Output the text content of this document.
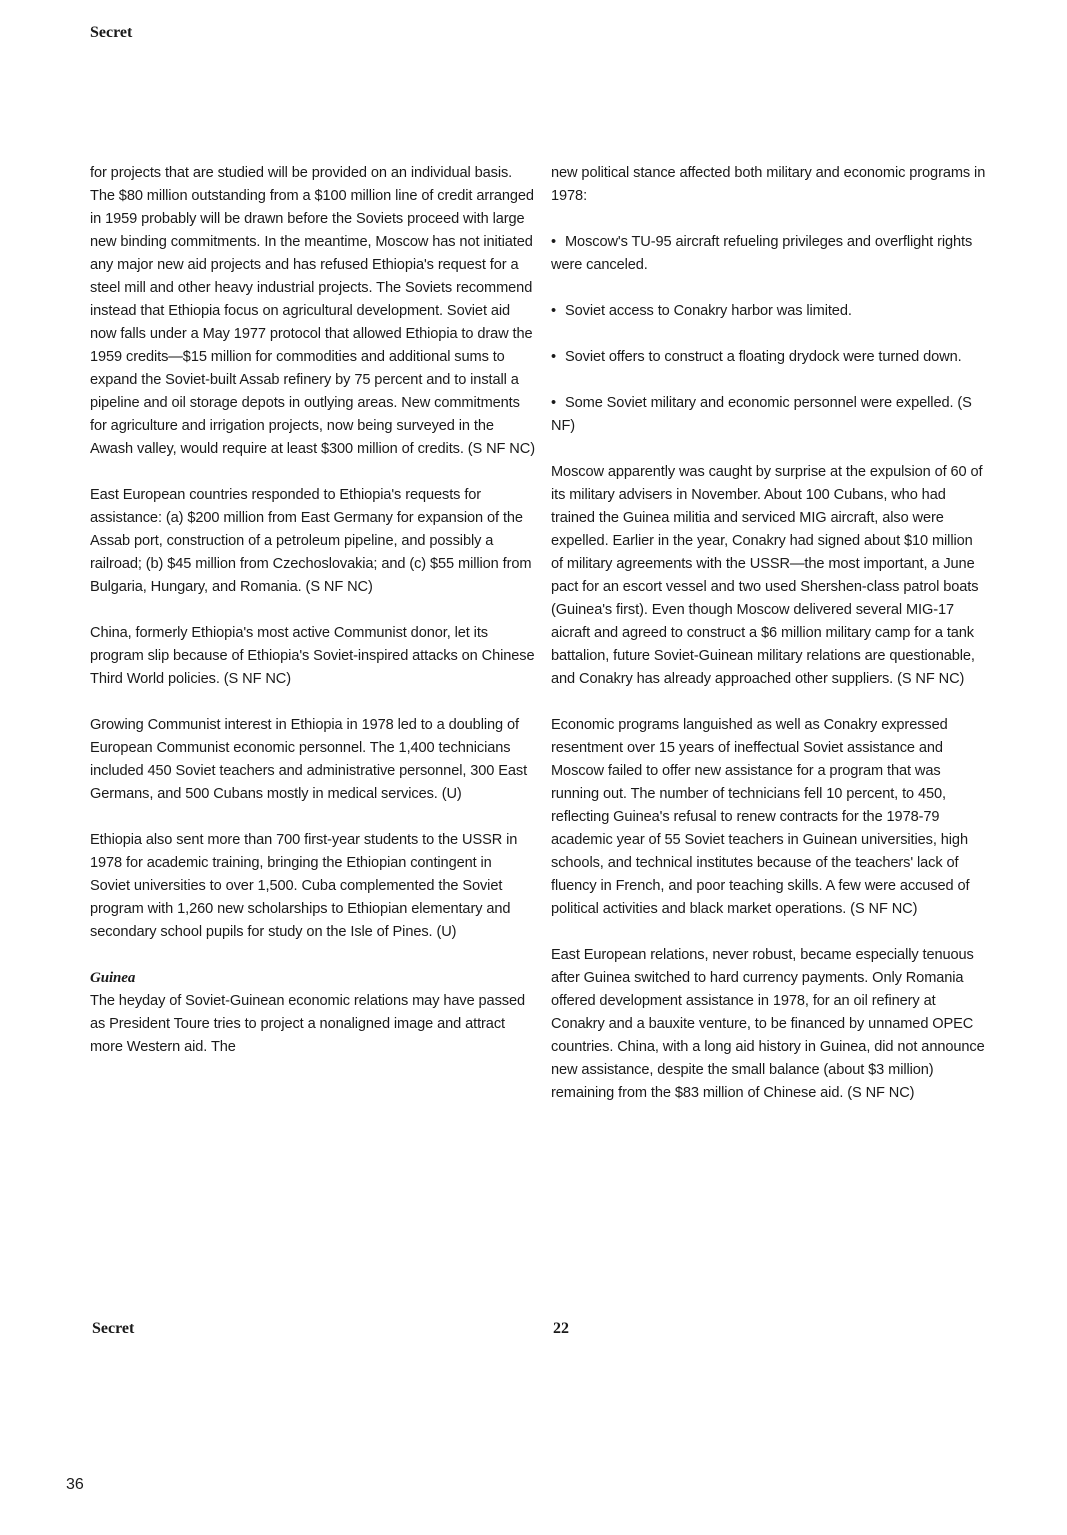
Secret

for projects that are studied will be provided on an individual basis. The $80 million outstanding from a $100 million line of credit arranged in 1959 probably will be drawn before the Soviets proceed with large new binding commitments. In the meantime, Moscow has not initiated any major new aid projects and has refused Ethiopia's request for a steel mill and other heavy industrial projects. The Soviets recommend instead that Ethiopia focus on agricultural development. Soviet aid now falls under a May 1977 protocol that allowed Ethiopia to draw the 1959 credits—$15 million for commodities and additional sums to expand the Soviet-built Assab refinery by 75 percent and to install a pipeline and oil storage depots in outlying areas. New commitments for agriculture and irrigation projects, now being surveyed in the Awash valley, would require at least $300 million of credits. (S NF NC)

East European countries responded to Ethiopia's requests for assistance: (a) $200 million from East Germany for expansion of the Assab port, construction of a petroleum pipeline, and possibly a railroad; (b) $45 million from Czechoslovakia; and (c) $55 million from Bulgaria, Hungary, and Romania. (S NF NC)

China, formerly Ethiopia's most active Communist donor, let its program slip because of Ethiopia's Soviet-inspired attacks on Chinese Third World policies. (S NF NC)

Growing Communist interest in Ethiopia in 1978 led to a doubling of European Communist economic personnel. The 1,400 technicians included 450 Soviet teachers and administrative personnel, 300 East Germans, and 500 Cubans mostly in medical services. (U)

Ethiopia also sent more than 700 first-year students to the USSR in 1978 for academic training, bringing the Ethiopian contingent in Soviet universities to over 1,500. Cuba complemented the Soviet program with 1,260 new scholarships to Ethiopian elementary and secondary school pupils for study on the Isle of Pines. (U)

Guinea

The heyday of Soviet-Guinean economic relations may have passed as President Toure tries to project a nonaligned image and attract more Western aid. The

new political stance affected both military and economic programs in 1978:

• Moscow's TU-95 aircraft refueling privileges and overflight rights were canceled.
• Soviet access to Conakry harbor was limited.
• Soviet offers to construct a floating drydock were turned down.
• Some Soviet military and economic personnel were expelled. (S NF)

Moscow apparently was caught by surprise at the expulsion of 60 of its military advisers in November. About 100 Cubans, who had trained the Guinea militia and serviced MIG aircraft, also were expelled. Earlier in the year, Conakry had signed about $10 million of military agreements with the USSR—the most important, a June pact for an escort vessel and two used Shershen-class patrol boats (Guinea's first). Even though Moscow delivered several MIG-17 aicraft and agreed to construct a $6 million military camp for a tank battalion, future Soviet-Guinean military relations are questionable, and Conakry has already approached other suppliers. (S NF NC)

Economic programs languished as well as Conakry expressed resentment over 15 years of ineffectual Soviet assistance and Moscow failed to offer new assistance for a program that was running out. The number of technicians fell 10 percent, to 450, reflecting Guinea's refusal to renew contracts for the 1978-79 academic year of 55 Soviet teachers in Guinean universities, high schools, and technical institutes because of the teachers' lack of fluency in French, and poor teaching skills. A few were accused of political activities and black market operations. (S NF NC)

East European relations, never robust, became especially tenuous after Guinea switched to hard currency payments. Only Romania offered development assistance in 1978, for an oil refinery at Conakry and a bauxite venture, to be financed by unnamed OPEC countries. China, with a long aid history in Guinea, did not announce new assistance, despite the small balance (about $3 million) remaining from the $83 million of Chinese aid. (S NF NC)

Secret	22
36
